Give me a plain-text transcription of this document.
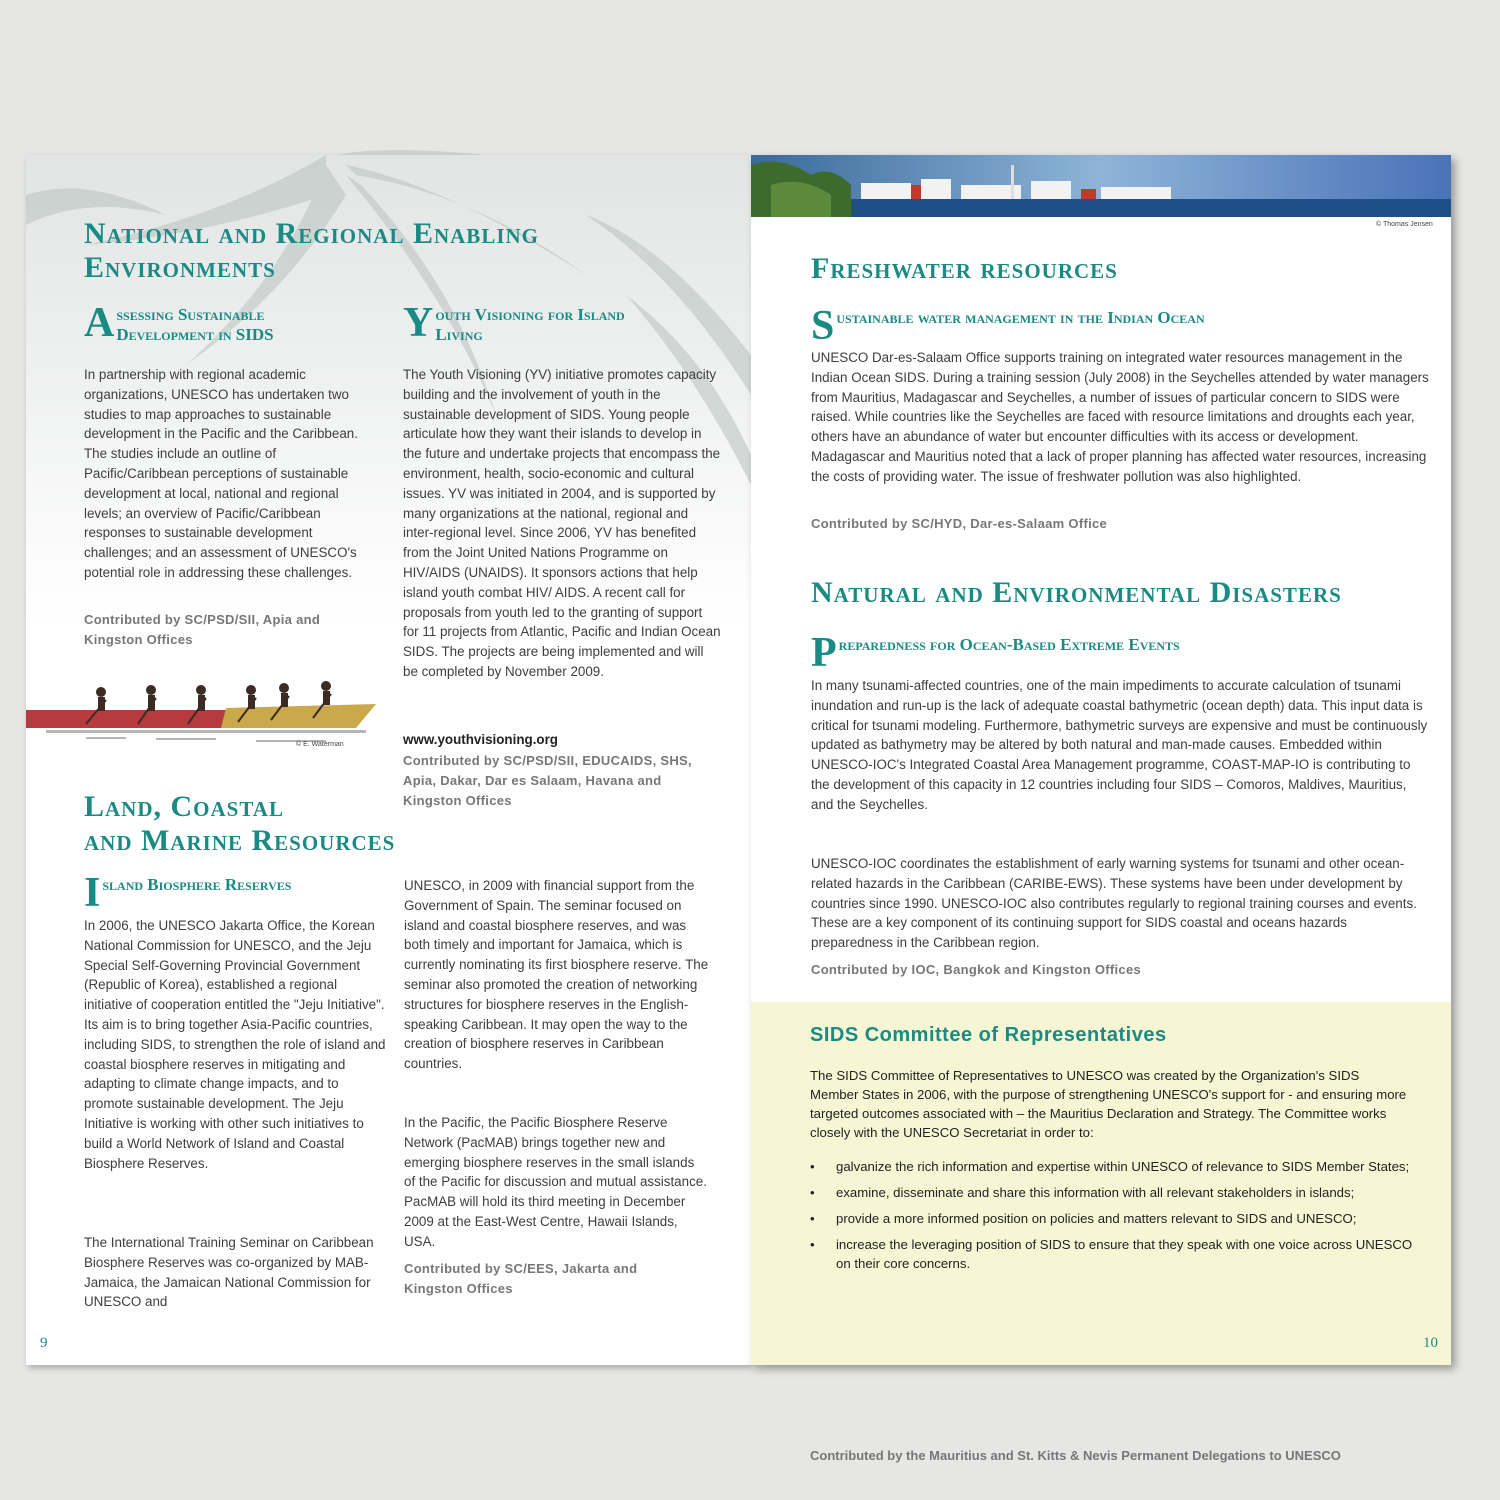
National and Regional Enabling
Environments
A ssessing Sustainable
Development in SIDS

In partnership with regional academic organizations, UNESCO has undertaken two studies to map approaches to sustainable development in the Pacific and the Caribbean. The studies include an outline of Pacific/Caribbean perceptions of sustainable development at local, national and regional levels; an overview of Pacific/Caribbean responses to sustainable development challenges; and an assessment of UNESCO's potential role in addressing these challenges.

Contributed by SC/PSD/SII, Apia and Kingston Offices

© E. Waterman
Y outh Visioning for Island
Living

The Youth Visioning (YV) initiative promotes capacity building and the involvement of youth in the sustainable development of SIDS. Young people articulate how they want their islands to develop in the future and undertake projects that encompass the environment, health, socio-economic and cultural issues. YV was initiated in 2004, and is supported by many organizations at the national, regional and inter-regional level. Since 2006, YV has benefited from the Joint United Nations Programme on HIV/AIDS (UNAIDS). It sponsors actions that help island youth combat HIV/ AIDS. A recent call for proposals from youth led to the granting of support for 11 projects from Atlantic, Pacific and Indian Ocean SIDS. The projects are being implemented and will be completed by November 2009.

www.youthvisioning.org

Contributed by SC/PSD/SII, EDUCAIDS, SHS, Apia, Dakar, Dar es Salaam, Havana and Kingston Offices

Land, Coastal
and Marine Resources
I sland Biosphere Reserves

In 2006, the UNESCO Jakarta Office, the Korean National Commission for UNESCO, and the Jeju Special Self-Governing Provincial Government (Republic of Korea), established a regional initiative of cooperation entitled the "Jeju Initiative". Its aim is to bring together Asia-Pacific countries, including SIDS, to strengthen the role of island and coastal biosphere reserves in mitigating and adapting to climate change impacts, and to promote sustainable development. The Jeju Initiative is working with other such initiatives to build a World Network of Island and Coastal Biosphere Reserves.

The International Training Seminar on Caribbean Biosphere Reserves was co-organized by MAB-Jamaica, the Jamaican National Commission for UNESCO and

UNESCO, in 2009 with financial support from the Government of Spain. The seminar focused on island and coastal biosphere reserves, and was both timely and important for Jamaica, which is currently nominating its first biosphere reserve. The seminar also promoted the creation of networking structures for biosphere reserves in the English-speaking Caribbean. It may open the way to the creation of biosphere reserves in Caribbean countries.

In the Pacific, the Pacific Biosphere Reserve Network (PacMAB) brings together new and emerging biosphere reserves in the small islands of the Pacific for discussion and mutual assistance. PacMAB will hold its third meeting in December 2009 at the East-West Centre, Hawaii Islands, USA.

Contributed by SC/EES, Jakarta and Kingston Offices

9
© Thomas Jensen
Freshwater resources
S ustainable water management in the Indian Ocean

UNESCO Dar-es-Salaam Office supports training on integrated water resources management in the Indian Ocean SIDS. During a training session (July 2008) in the Seychelles attended by water managers from Mauritius, Madagascar and Seychelles, a number of issues of particular concern to SIDS were raised. While countries like the Seychelles are faced with resource limitations and droughts each year, others have an abundance of water but encounter difficulties with its access or development. Madagascar and Mauritius noted that a lack of proper planning has affected water resources, increasing the costs of providing water. The issue of freshwater pollution was also highlighted.

Contributed by SC/HYD, Dar-es-Salaam Office

Natural and Environmental Disasters
P reparedness for Ocean-Based Extreme Events

In many tsunami-affected countries, one of the main impediments to accurate calculation of tsunami inundation and run-up is the lack of adequate coastal bathymetric (ocean depth) data. This input data is critical for tsunami modeling. Furthermore, bathymetric surveys are expensive and must be continuously updated as bathymetry may be altered by both natural and man-made causes. Embedded within UNESCO-IOC's Integrated Coastal Area Management programme, COAST-MAP-IO is contributing to the development of this capacity in 12 countries including four SIDS – Comoros, Maldives, Mauritius, and the Seychelles.

UNESCO-IOC coordinates the establishment of early warning systems for tsunami and other ocean-related hazards in the Caribbean (CARIBE-EWS). These systems have been under development by countries since 1990. UNESCO-IOC also contributes regularly to regional training courses and events. These are a key component of its continuing support for SIDS coastal and oceans hazards preparedness in the Caribbean region.

Contributed by IOC, Bangkok and Kingston Offices

SIDS Committee of Representatives

The SIDS Committee of Representatives to UNESCO was created by the Organization's SIDS Member States in 2006, with the purpose of strengthening UNESCO's support for - and ensuring more targeted outcomes associated with – the Mauritius Declaration and Strategy. The Committee works closely with the UNESCO Secretariat in order to:

• galvanize the rich information and expertise within UNESCO of relevance to SIDS Member States;
• examine, disseminate and share this information with all relevant stakeholders in islands;
• provide a more informed position on policies and matters relevant to SIDS and UNESCO;
• increase the leveraging position of SIDS to ensure that they speak with one voice across UNESCO on their core concerns.

Contributed by the Mauritius and St. Kitts & Nevis Permanent Delegations to UNESCO

10
